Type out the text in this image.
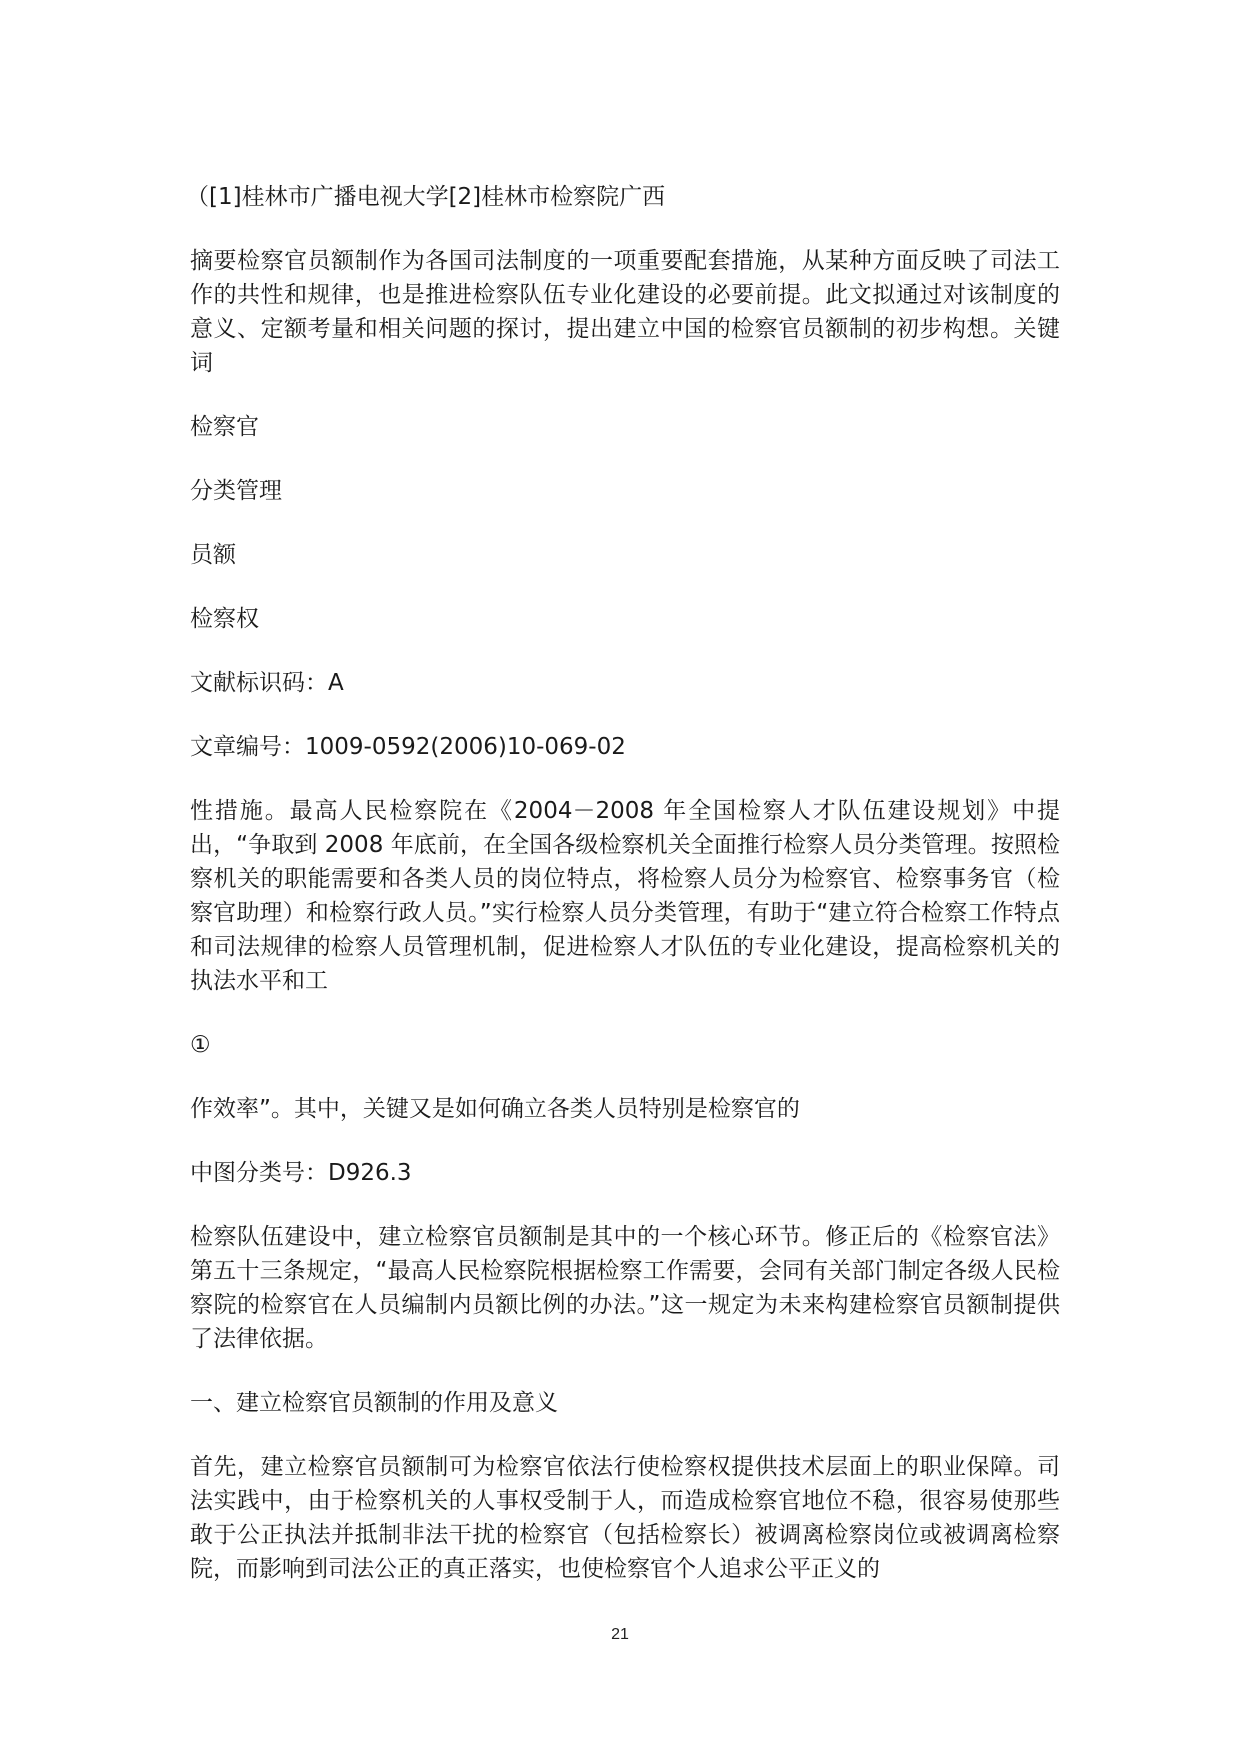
（[1]桂林市广播电视大学[2]桂林市检察院广西

摘要检察官员额制作为各国司法制度的一项重要配套措施，从某种方面反映了司法工作的共性和规律，也是推进检察队伍专业化建设的必要前提。此文拟通过对该制度的意义、定额考量和相关问题的探讨，提出建立中国的检察官员额制的初步构想。关键词

检察官

分类管理

员额

检察权

文献标识码：A

文章编号：1009-0592(2006)10-069-02

性措施。最高人民检察院在《2004－2008 年全国检察人才队伍建设规划》中提出，“争取到 2008 年底前，在全国各级检察机关全面推行检察人员分类管理。按照检察机关的职能需要和各类人员的岗位特点，将检察人员分为检察官、检察事务官（检察官助理）和检察行政人员。”实行检察人员分类管理，有助于“建立符合检察工作特点和司法规律的检察人员管理机制，促进检察人才队伍的专业化建设，提高检察机关的执法水平和工

①

作效率”。其中，关键又是如何确立各类人员特别是检察官的

中图分类号：D926.3

检察队伍建设中，建立检察官员额制是其中的一个核心环节。修正后的《检察官法》第五十三条规定，“最高人民检察院根据检察工作需要，会同有关部门制定各级人民检察院的检察官在人员编制内员额比例的办法。”这一规定为未来构建检察官员额制提供了法律依据。

一、建立检察官员额制的作用及意义

首先，建立检察官员额制可为检察官依法行使检察权提供技术层面上的职业保障。司法实践中，由于检察机关的人事权受制于人，而造成检察官地位不稳，很容易使那些敢于公正执法并抵制非法干扰的检察官（包括检察长）被调离检察岗位或被调离检察院，而影响到司法公正的真正落实，也使检察官个人追求公平正义的

21
